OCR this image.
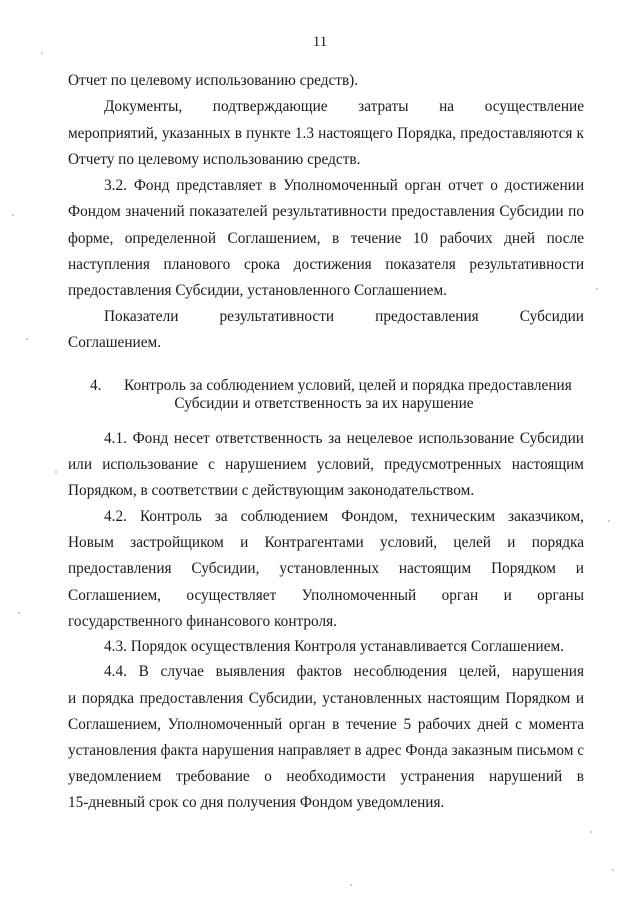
11
Отчет по целевому использованию средств).
Документы, подтверждающие затраты на осуществление
мероприятий, указанных в пункте 1.3 настоящего Порядка, предоставляются к
Отчету по целевому использованию средств.
3.2. Фонд представляет в Уполномоченный орган отчет о достижении
Фондом значений показателей результативности предоставления Субсидии по
форме, определенной Соглашением, в течение 10 рабочих дней после
наступления планового срока достижения показателя результативности
предоставления Субсидии, установленного Соглашением.
Показатели результативности предоставления Субсидии
Соглашением.
4. Контроль за соблюдением условий, целей и порядка предоставления
Субсидии и ответственность за их нарушение
4.1. Фонд несет ответственность за нецелевое использование Субсидии
или использование с нарушением условий, предусмотренных настоящим
Порядком, в соответствии с действующим законодательством.
4.2. Контроль за соблюдением Фондом, техническим заказчиком,
Новым застройщиком и Контрагентами условий, целей и порядка
предоставления Субсидии, установленных настоящим Порядком и
Соглашением, осуществляет Уполномоченный орган и органы
государственного финансового контроля.
4.3. Порядок осуществления Контроля устанавливается Соглашением.
4.4. В случае выявления фактов несоблюдения целей, нарушения
и порядка предоставления Субсидии, установленных настоящим Порядком и
Соглашением, Уполномоченный орган в течение 5 рабочих дней с момента
установления факта нарушения направляет в адрес Фонда заказным письмом с
уведомлением требование о необходимости устранения нарушений в
15-дневный срок со дня получения Фондом уведомления.
